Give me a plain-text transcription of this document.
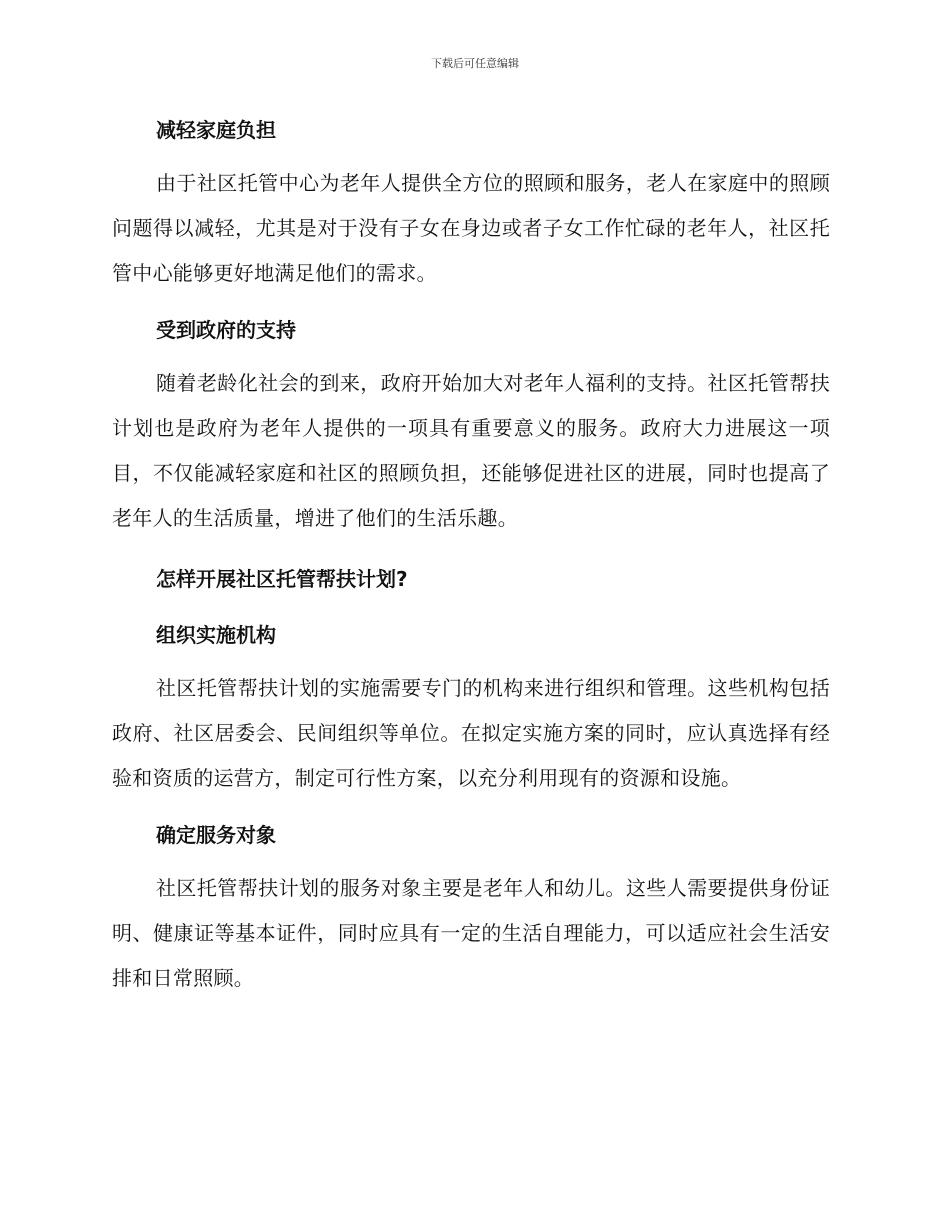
下载后可任意编辑
减轻家庭负担

由于社区托管中心为老年人提供全方位的照顾和服务，老人在家庭中的照顾问题得以减轻，尤其是对于没有子女在身边或者子女工作忙碌的老年人，社区托管中心能够更好地满足他们的需求。

受到政府的支持

随着老龄化社会的到来，政府开始加大对老年人福利的支持。社区托管帮扶计划也是政府为老年人提供的一项具有重要意义的服务。政府大力进展这一项目，不仅能减轻家庭和社区的照顾负担，还能够促进社区的进展，同时也提高了老年人的生活质量，增进了他们的生活乐趣。

怎样开展社区托管帮扶计划?
组织实施机构

社区托管帮扶计划的实施需要专门的机构来进行组织和管理。这些机构包括政府、社区居委会、民间组织等单位。在拟定实施方案的同时，应认真选择有经验和资质的运营方，制定可行性方案，以充分利用现有的资源和设施。

确定服务对象

社区托管帮扶计划的服务对象主要是老年人和幼儿。这些人需要提供身份证明、健康证等基本证件，同时应具有一定的生活自理能力，可以适应社会生活安排和日常照顾。
